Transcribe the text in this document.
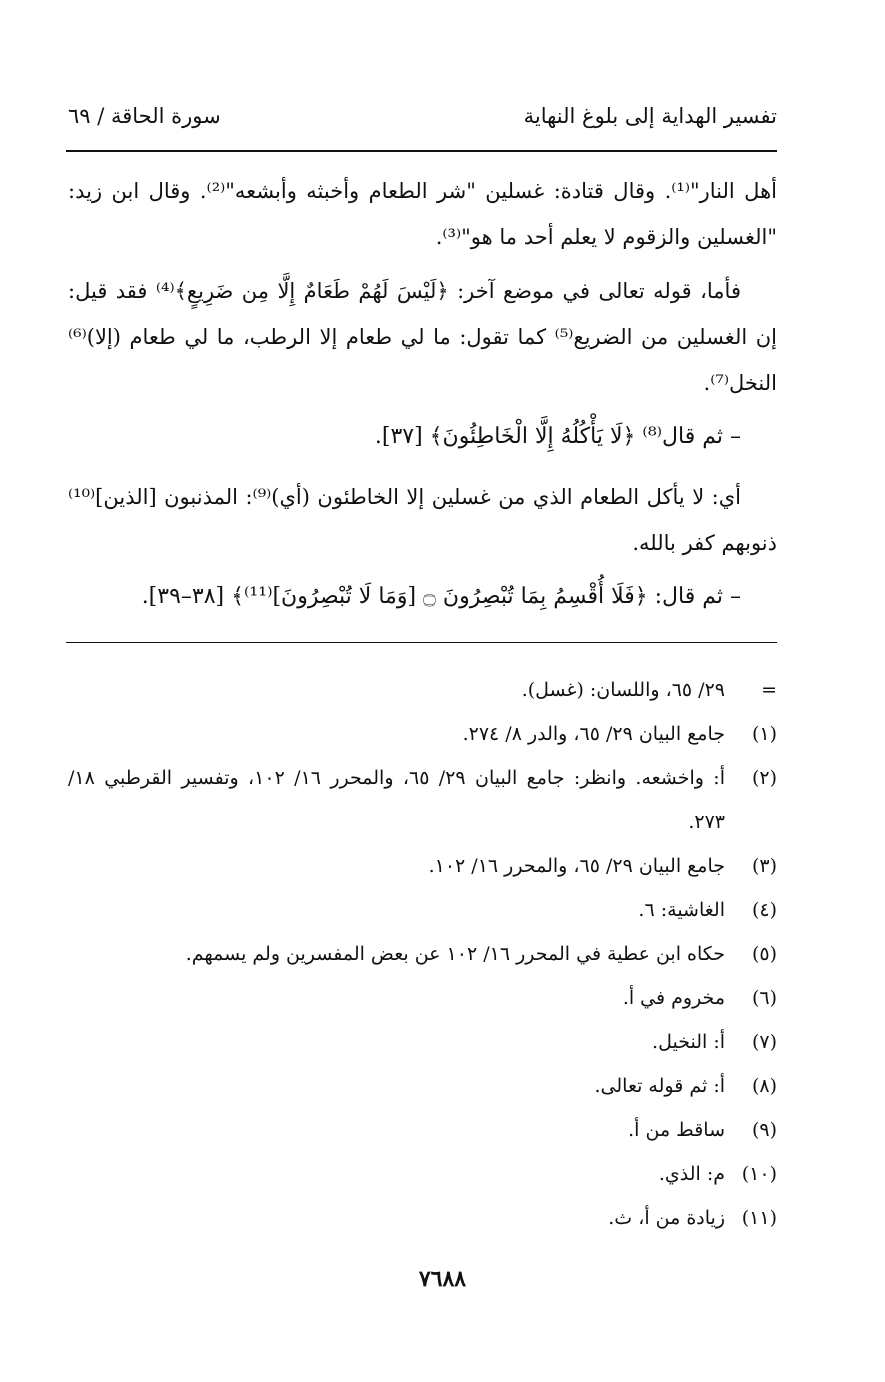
تفسير الهداية إلى بلوغ النهاية
سورة الحاقة / ٦٩

أهل النار"⁽¹⁾. وقال قتادة: غسلين "شر الطعام وأخبثه وأبشعه"⁽²⁾. وقال ابن زيد: "الغسلين والزقوم لا يعلم أحد ما هو"⁽³⁾.

فأما، قوله تعالى في موضع آخر: ﴿لَيْسَ لَهُمْ طَعَامٌ إِلَّا مِن ضَرِيعٍ﴾⁽⁴⁾ فقد قيل: إن الغسلين من الضريع⁽⁵⁾ كما تقول: ما لي طعام إلا الرطب، ما لي طعام (إلا)⁽⁶⁾ النخل⁽⁷⁾.

– ثم قال⁽⁸⁾ ﴿لَا يَأْكُلُهُ إِلَّا الْخَاطِئُونَ﴾ [٣٧].

أي: لا يأكل الطعام الذي من غسلين إلا الخاطئون (أي)⁽⁹⁾: المذنبون [الذين]⁽¹⁰⁾ ذنوبهم كفر بالله.

– ثم قال: ﴿فَلَا أُقْسِمُ بِمَا تُبْصِرُونَ ۝ [وَمَا لَا تُبْصِرُونَ]⁽¹¹⁾﴾ [٣٨–٣٩].

=
٢٩/ ٦٥، واللسان: (غسل).
(١)
جامع البيان ٢٩/ ٦٥، والدر ٨/ ٢٧٤.
(٢)
أ: واخشعه. وانظر: جامع البيان ٢٩/ ٦٥، والمحرر ١٦/ ١٠٢، وتفسير القرطبي ١٨/ ٢٧٣.
(٣)
جامع البيان ٢٩/ ٦٥، والمحرر ١٦/ ١٠٢.
(٤)
الغاشية: ٦.
(٥)
حكاه ابن عطية في المحرر ١٦/ ١٠٢ عن بعض المفسرين ولم يسمهم.
(٦)
مخروم في أ.
(٧)
أ: النخيل.
(٨)
أ: ثم قوله تعالى.
(٩)
ساقط من أ.
(١٠)
م: الذي.
(١١)
زيادة من أ، ث.
٧٦٨٨
